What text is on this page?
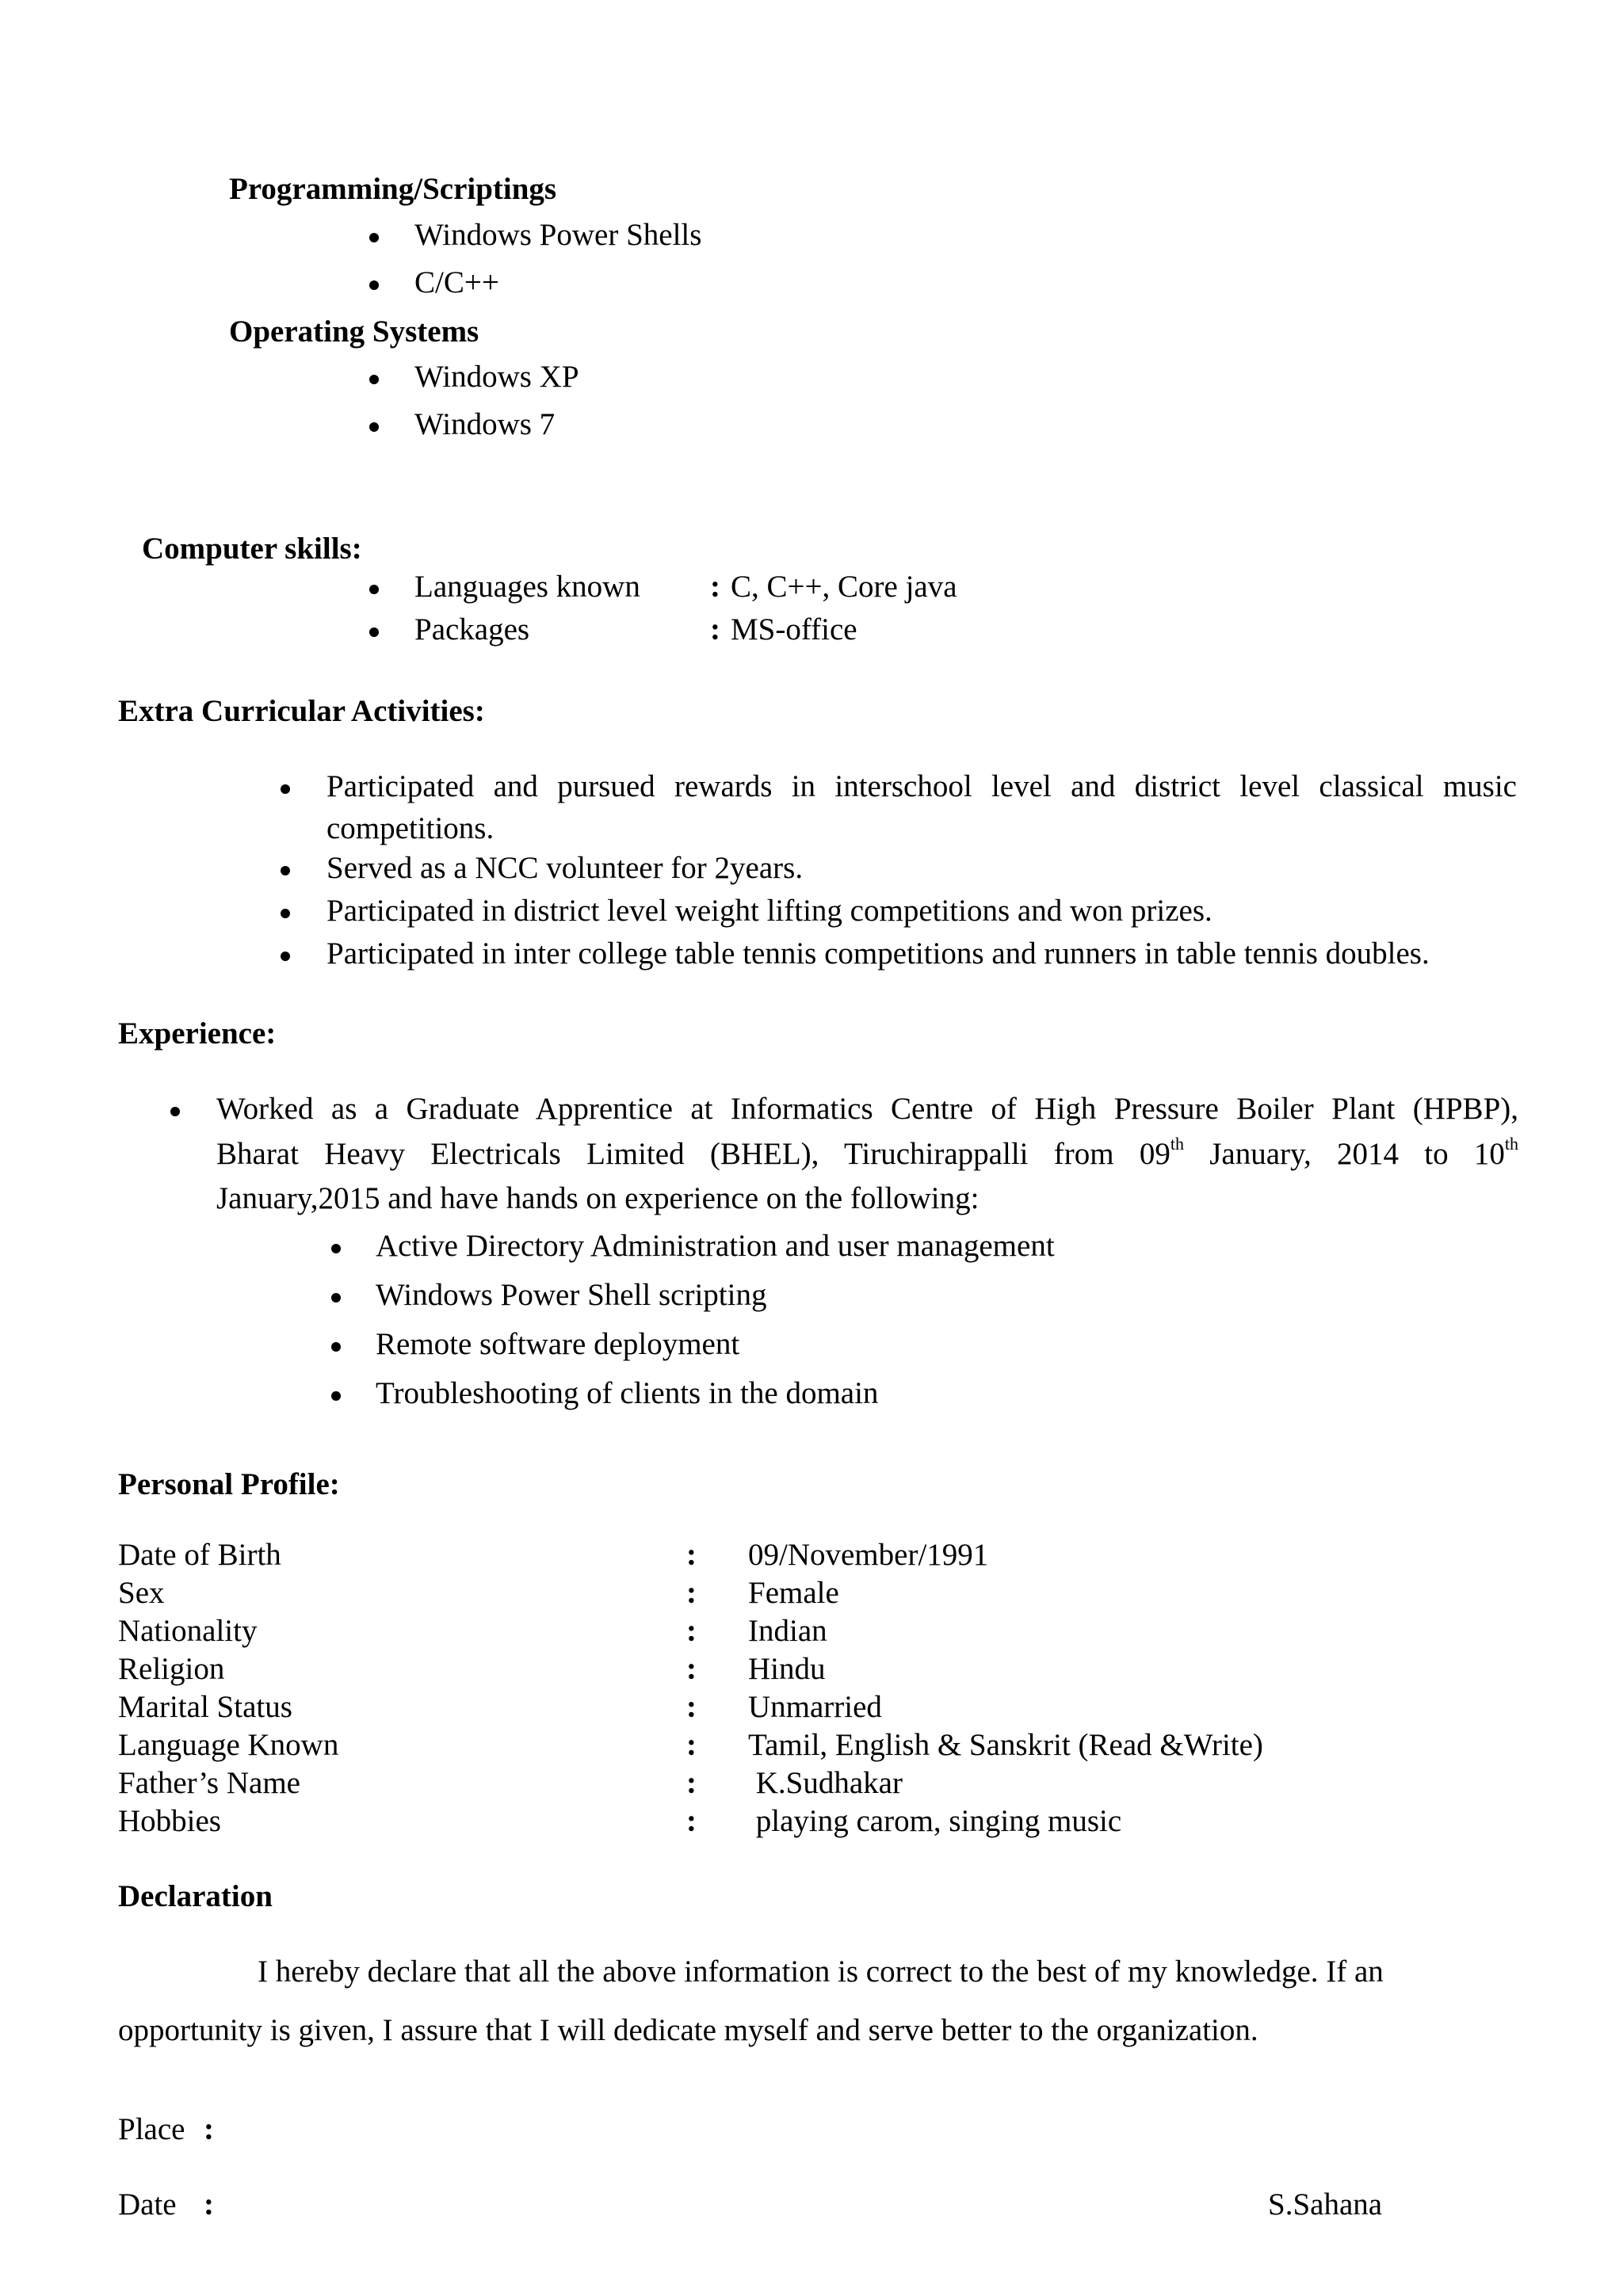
Programming/Scriptings
Windows Power Shells
C/C++
Operating Systems
Windows XP
Windows 7
Computer skills:
Languages known : C, C++, Core java
Packages	: MS-office
Extra Curricular Activities:
Participated and pursued rewards in interschool level and district level classical music competitions.
Served as a NCC volunteer for 2years.
Participated in district level weight lifting competitions and won prizes.
Participated in inter college table tennis competitions and runners in table tennis doubles.
Experience:
Worked as a Graduate Apprentice at Informatics Centre of High Pressure Boiler Plant (HPBP),
Bharat Heavy Electricals Limited (BHEL), Tiruchirappalli from 09th January, 2014 to 10th
January,2015 and have hands on experience on the following:
Active Directory Administration and user management
Windows Power Shell scripting
Remote software deployment
Troubleshooting of clients in the domain
Personal Profile:
Date of Birth	: 09/November/1991
Sex	: Female
Nationality	: Indian
Religion	: Hindu
Marital Status	: Unmarried
Language Known	: Tamil, English & Sanskrit (Read &Write)
Father’s Name	: K.Sudhakar
Hobbies	: playing carom, singing music
Declaration
I hereby declare that all the above information is correct to the best of my knowledge. If an
opportunity is given, I assure that I will dedicate myself and serve better to the organization.
Place :
Date :	S.Sahana
